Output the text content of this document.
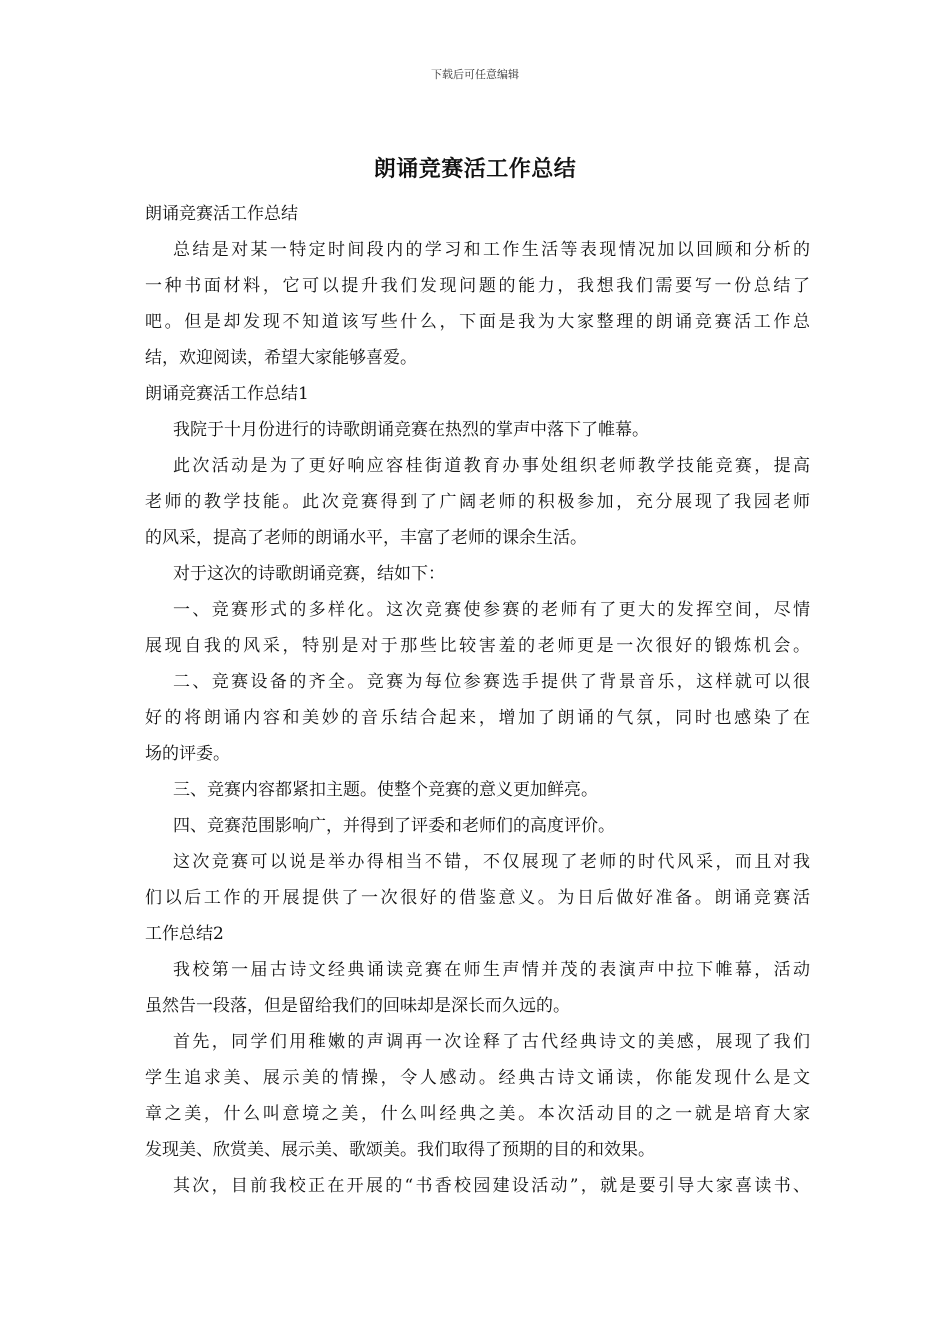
下载后可任意编辑
朗诵竞赛活工作总结
朗诵竞赛活工作总结
总结是对某一特定时间段内的学习和工作生活等表现情况加以回顾和分析的
一种书面材料，它可以提升我们发现问题的能力，我想我们需要写一份总结了
吧。但是却发现不知道该写些什么，下面是我为大家整理的朗诵竞赛活工作总
结，欢迎阅读，希望大家能够喜爱。
朗诵竞赛活工作总结1
我院于十月份进行的诗歌朗诵竞赛在热烈的掌声中落下了帷幕。
此次活动是为了更好响应容桂街道教育办事处组织老师教学技能竞赛，提高
老师的教学技能。此次竞赛得到了广阔老师的积极参加，充分展现了我园老师
的风采，提高了老师的朗诵水平，丰富了老师的课余生活。
对于这次的诗歌朗诵竞赛，结如下：
一、竞赛形式的多样化。这次竞赛使参赛的老师有了更大的发挥空间，尽情
展现自我的风采，特别是对于那些比较害羞的老师更是一次很好的锻炼机会。
二、竞赛设备的齐全。竞赛为每位参赛选手提供了背景音乐，这样就可以很
好的将朗诵内容和美妙的音乐结合起来，增加了朗诵的气氛，同时也感染了在
场的评委。
三、竞赛内容都紧扣主题。使整个竞赛的意义更加鲜亮。
四、竞赛范围影响广，并得到了评委和老师们的高度评价。
这次竞赛可以说是举办得相当不错，不仅展现了老师的时代风采，而且对我
们以后工作的开展提供了一次很好的借鉴意义。为日后做好准备。朗诵竞赛活
工作总结2
我校第一届古诗文经典诵读竞赛在师生声情并茂的表演声中拉下帷幕，活动
虽然告一段落，但是留给我们的回味却是深长而久远的。
首先，同学们用稚嫩的声调再一次诠释了古代经典诗文的美感，展现了我们
学生追求美、展示美的情操，令人感动。经典古诗文诵读，你能发现什么是文
章之美，什么叫意境之美，什么叫经典之美。本次活动目的之一就是培育大家
发现美、欣赏美、展示美、歌颂美。我们取得了预期的目的和效果。
其次，目前我校正在开展的“书香校园建设活动”，就是要引导大家喜读书、
